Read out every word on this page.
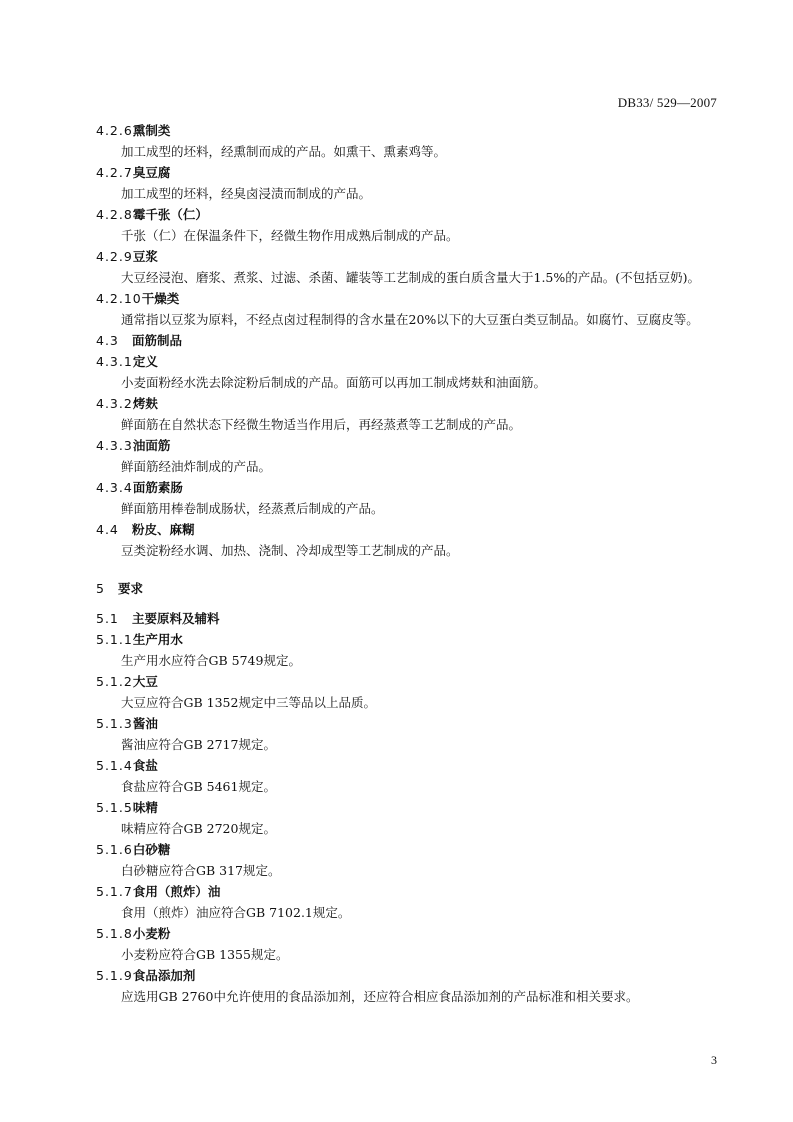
DB33/ 529—2007
4.2.6熏制类
加工成型的坯料，经熏制而成的产品。如熏干、熏素鸡等。
4.2.7臭豆腐
加工成型的坯料，经臭卤浸渍而制成的产品。
4.2.8霉千张（仁）
千张（仁）在保温条件下，经微生物作用成熟后制成的产品。
4.2.9豆浆
大豆经浸泡、磨浆、煮浆、过滤、杀菌、罐装等工艺制成的蛋白质含量大于1.5%的产品。(不包括豆奶)。
4.2.10干燥类
通常指以豆浆为原料，不经点卤过程制得的含水量在20%以下的大豆蛋白类豆制品。如腐竹、豆腐皮等。
4.3 面筋制品
4.3.1定义
小麦面粉经水洗去除淀粉后制成的产品。面筋可以再加工制成烤麸和油面筋。
4.3.2烤麸
鲜面筋在自然状态下经微生物适当作用后，再经蒸煮等工艺制成的产品。
4.3.3油面筋
鲜面筋经油炸制成的产品。
4.3.4面筋素肠
鲜面筋用棒卷制成肠状，经蒸煮后制成的产品。
4.4 粉皮、麻糊
豆类淀粉经水调、加热、浇制、冷却成型等工艺制成的产品。
5 要求
5.1 主要原料及辅料
5.1.1生产用水
生产用水应符合GB 5749规定。
5.1.2大豆
大豆应符合GB 1352规定中三等品以上品质。
5.1.3酱油
酱油应符合GB 2717规定。
5.1.4食盐
食盐应符合GB 5461规定。
5.1.5味精
味精应符合GB 2720规定。
5.1.6白砂糖
白砂糖应符合GB 317规定。
5.1.7食用（煎炸）油
食用（煎炸）油应符合GB 7102.1规定。
5.1.8小麦粉
小麦粉应符合GB 1355规定。
5.1.9食品添加剂
应选用GB 2760中允许使用的食品添加剂，还应符合相应食品添加剂的产品标准和相关要求。
3
